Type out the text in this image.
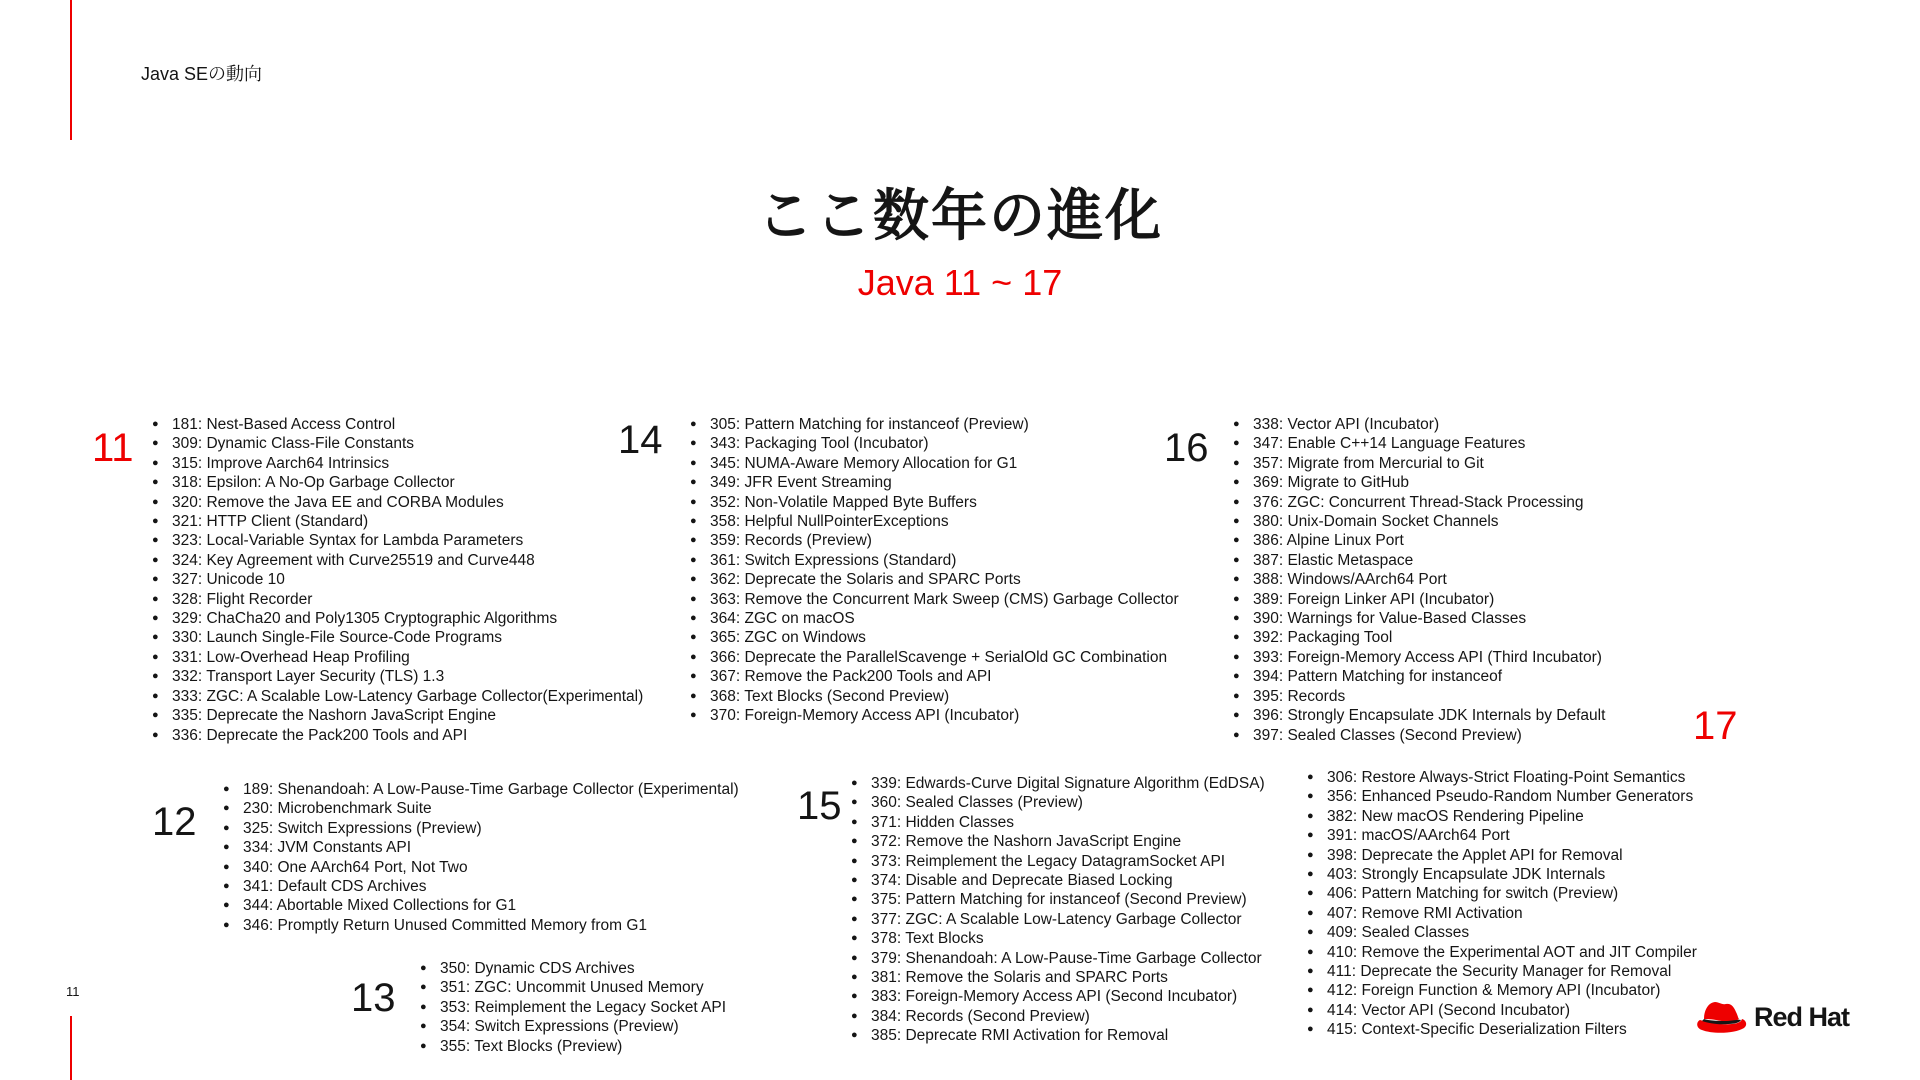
Java SEの動向
ここ数年の進化
Java 11 ~ 17
11
● 181: Nest-Based Access Control
● 309: Dynamic Class-File Constants
● 315: Improve Aarch64 Intrinsics
● 318: Epsilon: A No-Op Garbage Collector
● 320: Remove the Java EE and CORBA Modules
● 321: HTTP Client (Standard)
● 323: Local-Variable Syntax for Lambda Parameters
● 324: Key Agreement with Curve25519 and Curve448
● 327: Unicode 10
● 328: Flight Recorder
● 329: ChaCha20 and Poly1305 Cryptographic Algorithms
● 330: Launch Single-File Source-Code Programs
● 331: Low-Overhead Heap Profiling
● 332: Transport Layer Security (TLS) 1.3
● 333: ZGC: A Scalable Low-Latency Garbage Collector(Experimental)
● 335: Deprecate the Nashorn JavaScript Engine
● 336: Deprecate the Pack200 Tools and API
12
● 189: Shenandoah: A Low-Pause-Time Garbage Collector (Experimental)
● 230: Microbenchmark Suite
● 325: Switch Expressions (Preview)
● 334: JVM Constants API
● 340: One AArch64 Port, Not Two
● 341: Default CDS Archives
● 344: Abortable Mixed Collections for G1
● 346: Promptly Return Unused Committed Memory from G1
13
● 350: Dynamic CDS Archives
● 351: ZGC: Uncommit Unused Memory
● 353: Reimplement the Legacy Socket API
● 354: Switch Expressions (Preview)
● 355: Text Blocks (Preview)
14
●	305: Pattern Matching for instanceof (Preview)
● 343: Packaging Tool (Incubator)
● 345: NUMA-Aware Memory Allocation for G1
● 349: JFR Event Streaming
● 352: Non-Volatile Mapped Byte Buffers
● 358: Helpful NullPointerExceptions
● 359: Records (Preview)
● 361: Switch Expressions (Standard)
● 362: Deprecate the Solaris and SPARC Ports
● 363: Remove the Concurrent Mark Sweep (CMS) Garbage Collector
● 364: ZGC on macOS
● 365: ZGC on Windows
● 366: Deprecate the ParallelScavenge + SerialOld GC Combination
● 367: Remove the Pack200 Tools and API
● 368: Text Blocks (Second Preview)
● 370: Foreign-Memory Access API (Incubator)
15
● 339: Edwards-Curve Digital Signature Algorithm (EdDSA)
● 360: Sealed Classes (Preview)
● 371: Hidden Classes
● 372: Remove the Nashorn JavaScript Engine
● 373: Reimplement the Legacy DatagramSocket API
● 374: Disable and Deprecate Biased Locking
● 375: Pattern Matching for instanceof (Second Preview)
● 377: ZGC: A Scalable Low-Latency Garbage Collector
● 378: Text Blocks
● 379: Shenandoah: A Low-Pause-Time Garbage Collector
● 381: Remove the Solaris and SPARC Ports
● 383: Foreign-Memory Access API (Second Incubator)
● 384: Records (Second Preview)
● 385: Deprecate RMI Activation for Removal
16
● 338: Vector API (Incubator)
● 347: Enable C++14 Language Features
● 357: Migrate from Mercurial to Git
● 369: Migrate to GitHub
● 376: ZGC: Concurrent Thread-Stack Processing
● 380: Unix-Domain Socket Channels
● 386: Alpine Linux Port
● 387: Elastic Metaspace
● 388: Windows/AArch64 Port
● 389: Foreign Linker API (Incubator)
● 390: Warnings for Value-Based Classes
● 392: Packaging Tool
● 393: Foreign-Memory Access API (Third Incubator)
● 394: Pattern Matching for instanceof
● 395: Records
● 396: Strongly Encapsulate JDK Internals by Default
● 397: Sealed Classes (Second Preview)	17
● 306: Restore Always-Strict Floating-Point Semantics
● 356: Enhanced Pseudo-Random Number Generators
● 382: New macOS Rendering Pipeline
● 391: macOS/AArch64 Port
● 398: Deprecate the Applet API for Removal
● 403: Strongly Encapsulate JDK Internals
● 406: Pattern Matching for switch (Preview)
● 407: Remove RMI Activation
● 409: Sealed Classes
● 410: Remove the Experimental AOT and JIT Compiler
● 411: Deprecate the Security Manager for Removal
● 412: Foreign Function & Memory API (Incubator)
● 414: Vector API (Second Incubator)
● 415: Context-Specific Deserialization Filters
11
Red Hat
